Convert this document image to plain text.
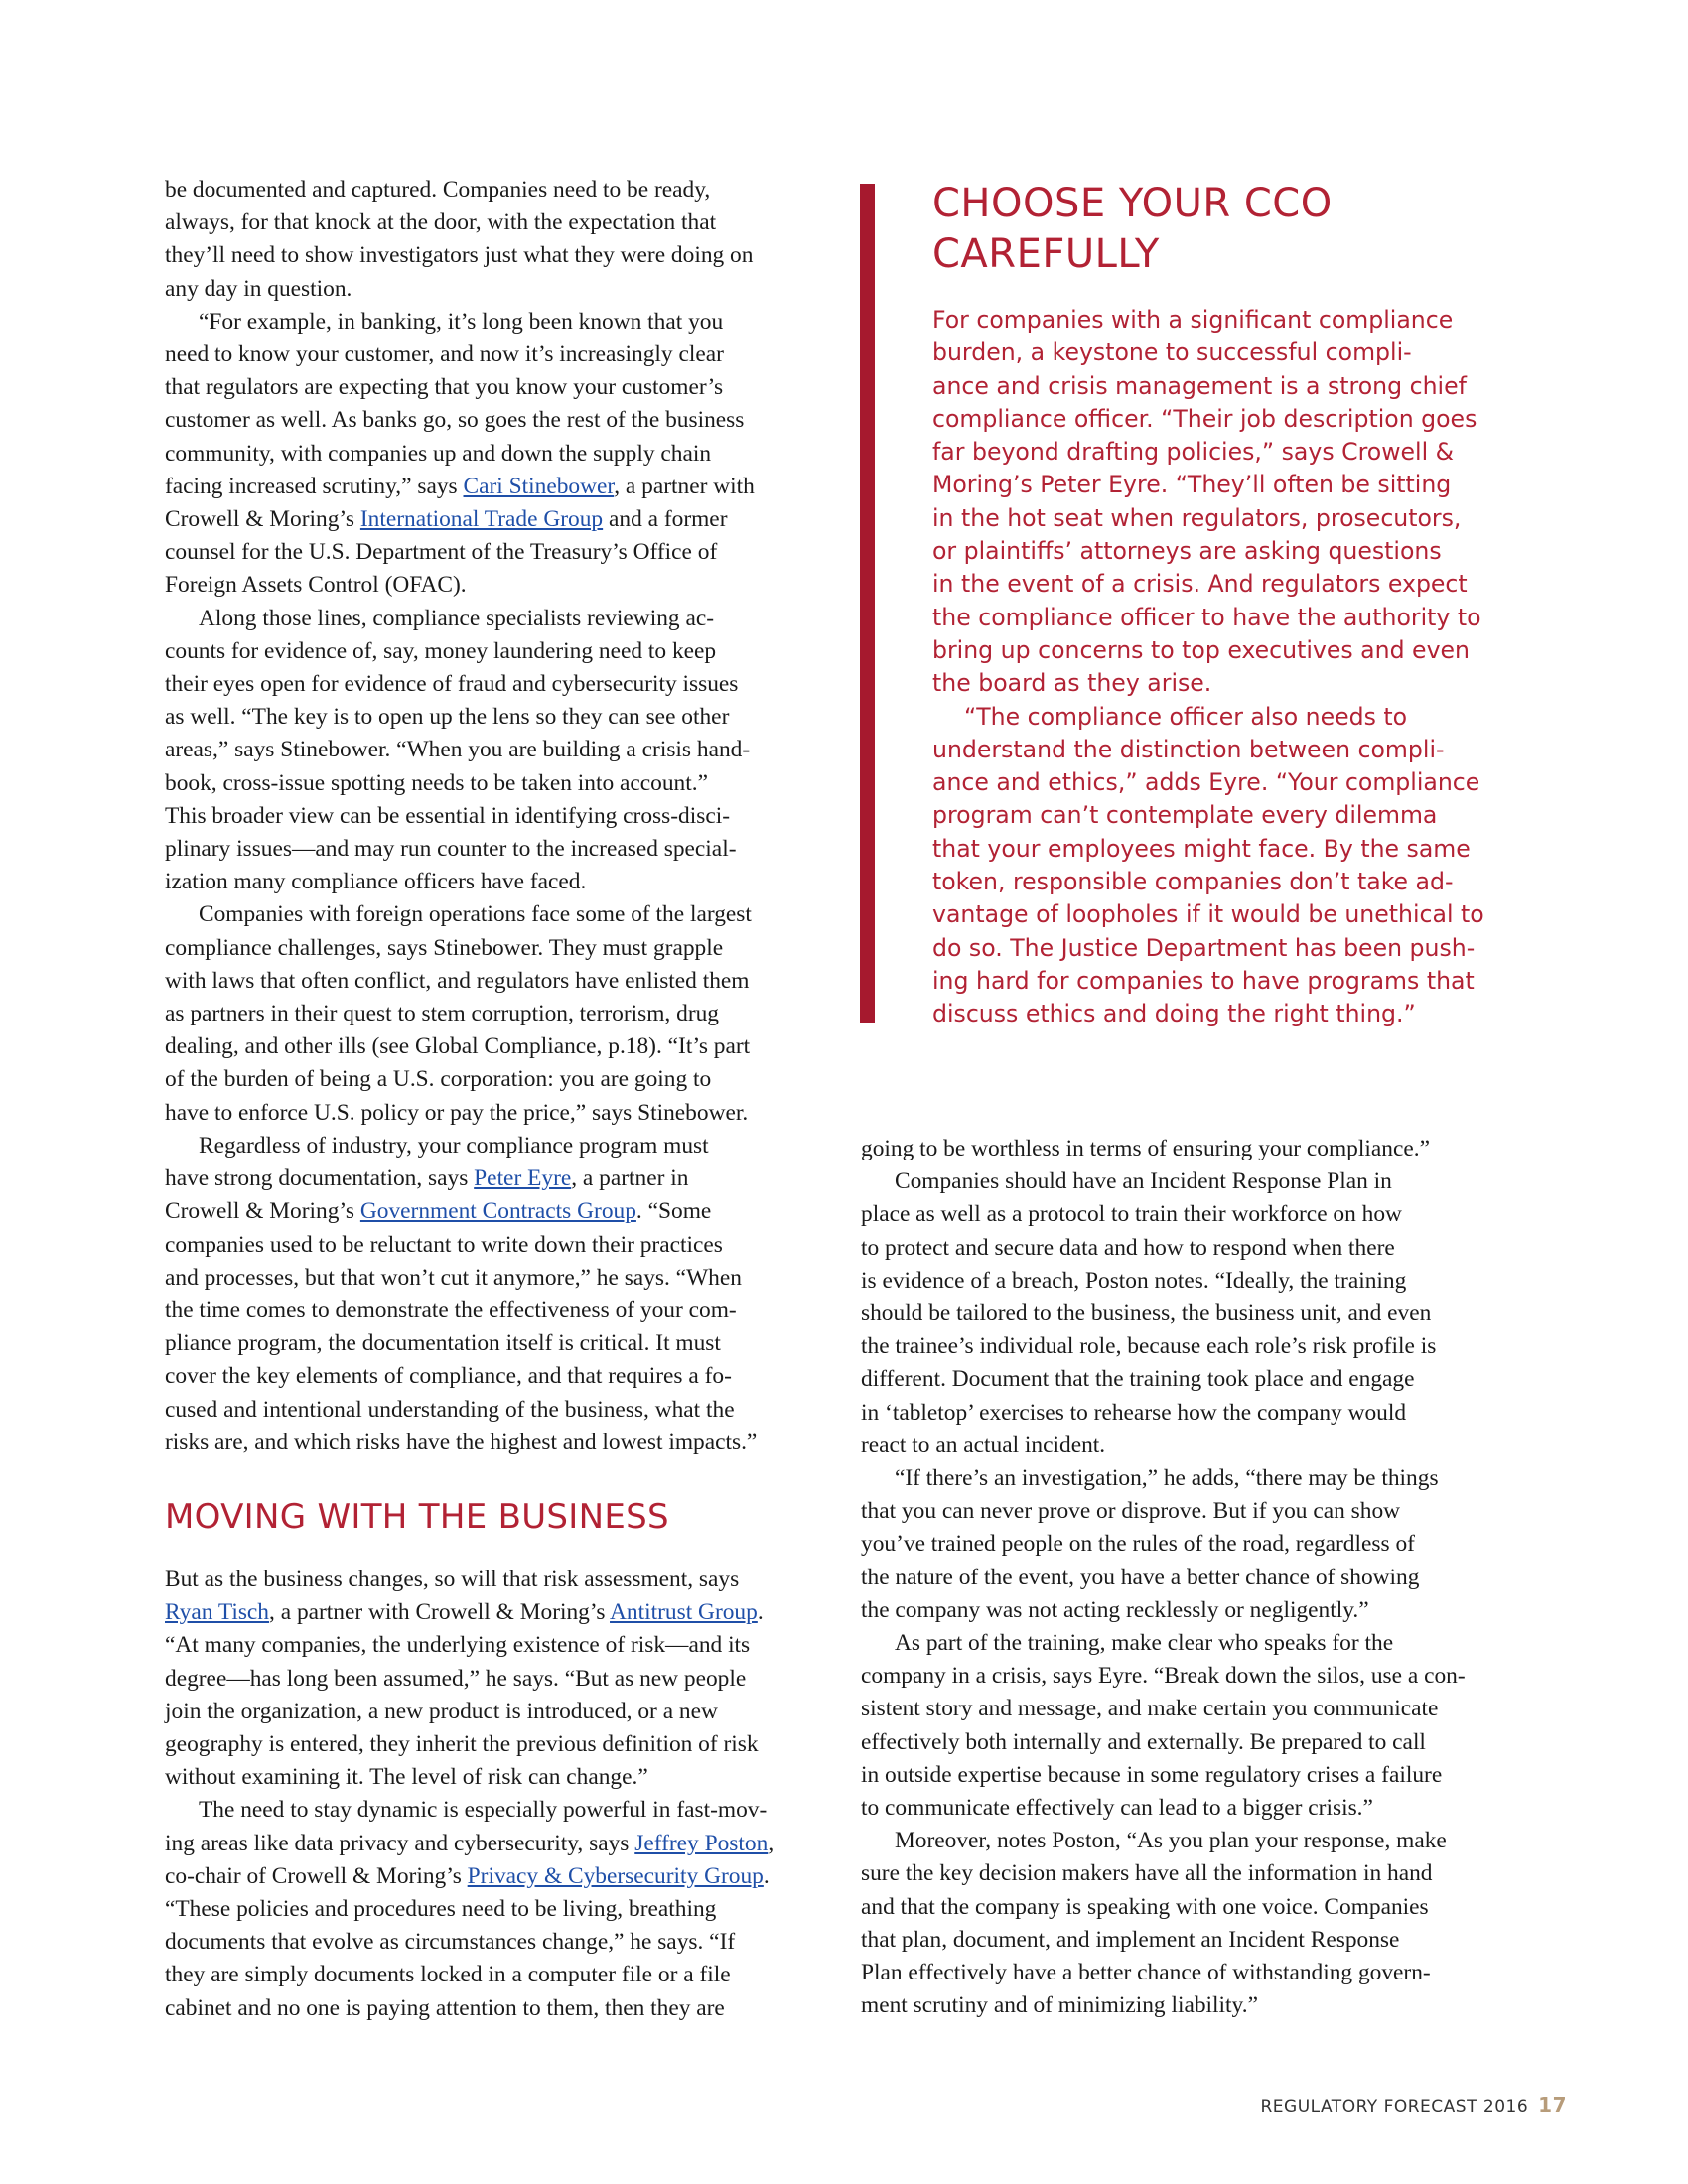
be documented and captured. Companies need to be ready,

always, for that knock at the door, with the expectation that

they’ll need to show investigators just what they were doing on

any day in question.

“For example, in banking, it’s long been known that you

need to know your customer, and now it’s increasingly clear

that regulators are expecting that you know your customer’s

customer as well. As banks go, so goes the rest of the business

community, with companies up and down the supply chain

facing increased scrutiny,” says Cari Stinebower, a partner with

Crowell & Moring’s International Trade Group and a former

counsel for the U.S. Department of the Treasury’s Office of

Foreign Assets Control (OFAC).

Along those lines, compliance specialists reviewing ac-

counts for evidence of, say, money laundering need to keep

their eyes open for evidence of fraud and cybersecurity issues

as well. “The key is to open up the lens so they can see other

areas,” says Stinebower. “When you are building a crisis hand-

book, cross-issue spotting needs to be taken into account.”

This broader view can be essential in identifying cross-disci-

plinary issues—and may run counter to the increased special-

ization many compliance officers have faced.

Companies with foreign operations face some of the largest

compliance challenges, says Stinebower. They must grapple

with laws that often conflict, and regulators have enlisted them

as partners in their quest to stem corruption, terrorism, drug

dealing, and other ills (see Global Compliance, p.18). “It’s part

of the burden of being a U.S. corporation: you are going to

have to enforce U.S. policy or pay the price,” says Stinebower.

Regardless of industry, your compliance program must

have strong documentation, says Peter Eyre, a partner in

Crowell & Moring’s Government Contracts Group. “Some

companies used to be reluctant to write down their practices

and processes, but that won’t cut it anymore,” he says. “When

the time comes to demonstrate the effectiveness of your com-

pliance program, the documentation itself is critical. It must

cover the key elements of compliance, and that requires a fo-

cused and intentional understanding of the business, what the

risks are, and which risks have the highest and lowest impacts.”

MOVING WITH THE BUSINESS

But as the business changes, so will that risk assessment, says

Ryan Tisch, a partner with Crowell & Moring’s Antitrust Group.

“At many companies, the underlying existence of risk—and its

degree—has long been assumed,” he says. “But as new people

join the organization, a new product is introduced, or a new

geography is entered, they inherit the previous definition of risk

without examining it. The level of risk can change.”

The need to stay dynamic is especially powerful in fast-mov-

ing areas like data privacy and cybersecurity, says Jeffrey Poston,

co-chair of Crowell & Moring’s Privacy & Cybersecurity Group.

“These policies and procedures need to be living, breathing

documents that evolve as circumstances change,” he says. “If

they are simply documents locked in a computer file or a file

cabinet and no one is paying attention to them, then they are

CHOOSE YOUR CCO
CAREFULLY

For companies with a significant compliance

burden, a keystone to successful compli-

ance and crisis management is a strong chief

compliance officer. “Their job description goes

far beyond drafting policies,” says Crowell &

Moring’s Peter Eyre. “They’ll often be sitting

in the hot seat when regulators, prosecutors,

or plaintiffs’ attorneys are asking questions

in the event of a crisis. And regulators expect

the compliance officer to have the authority to

bring up concerns to top executives and even

the board as they arise.

“The compliance officer also needs to

understand the distinction between compli-

ance and ethics,” adds Eyre. “Your compliance

program can’t contemplate every dilemma

that your employees might face. By the same

token, responsible companies don’t take ad-

vantage of loopholes if it would be unethical to

do so. The Justice Department has been push-

ing hard for companies to have programs that

discuss ethics and doing the right thing.”

going to be worthless in terms of ensuring your compliance.”

Companies should have an Incident Response Plan in

place as well as a protocol to train their workforce on how

to protect and secure data and how to respond when there

is evidence of a breach, Poston notes. “Ideally, the training

should be tailored to the business, the business unit, and even

the trainee’s individual role, because each role’s risk profile is

different. Document that the training took place and engage

in ‘tabletop’ exercises to rehearse how the company would

react to an actual incident.

“If there’s an investigation,” he adds, “there may be things

that you can never prove or disprove. But if you can show

you’ve trained people on the rules of the road, regardless of

the nature of the event, you have a better chance of showing

the company was not acting recklessly or negligently.”

As part of the training, make clear who speaks for the

company in a crisis, says Eyre. “Break down the silos, use a con-

sistent story and message, and make certain you communicate

effectively both internally and externally. Be prepared to call

in outside expertise because in some regulatory crises a failure

to communicate effectively can lead to a bigger crisis.”

Moreover, notes Poston, “As you plan your response, make

sure the key decision makers have all the information in hand

and that the company is speaking with one voice. Companies

that plan, document, and implement an Incident Response

Plan effectively have a better chance of withstanding govern-

ment scrutiny and of minimizing liability.”

REGULATORY FORECAST 2016 17
